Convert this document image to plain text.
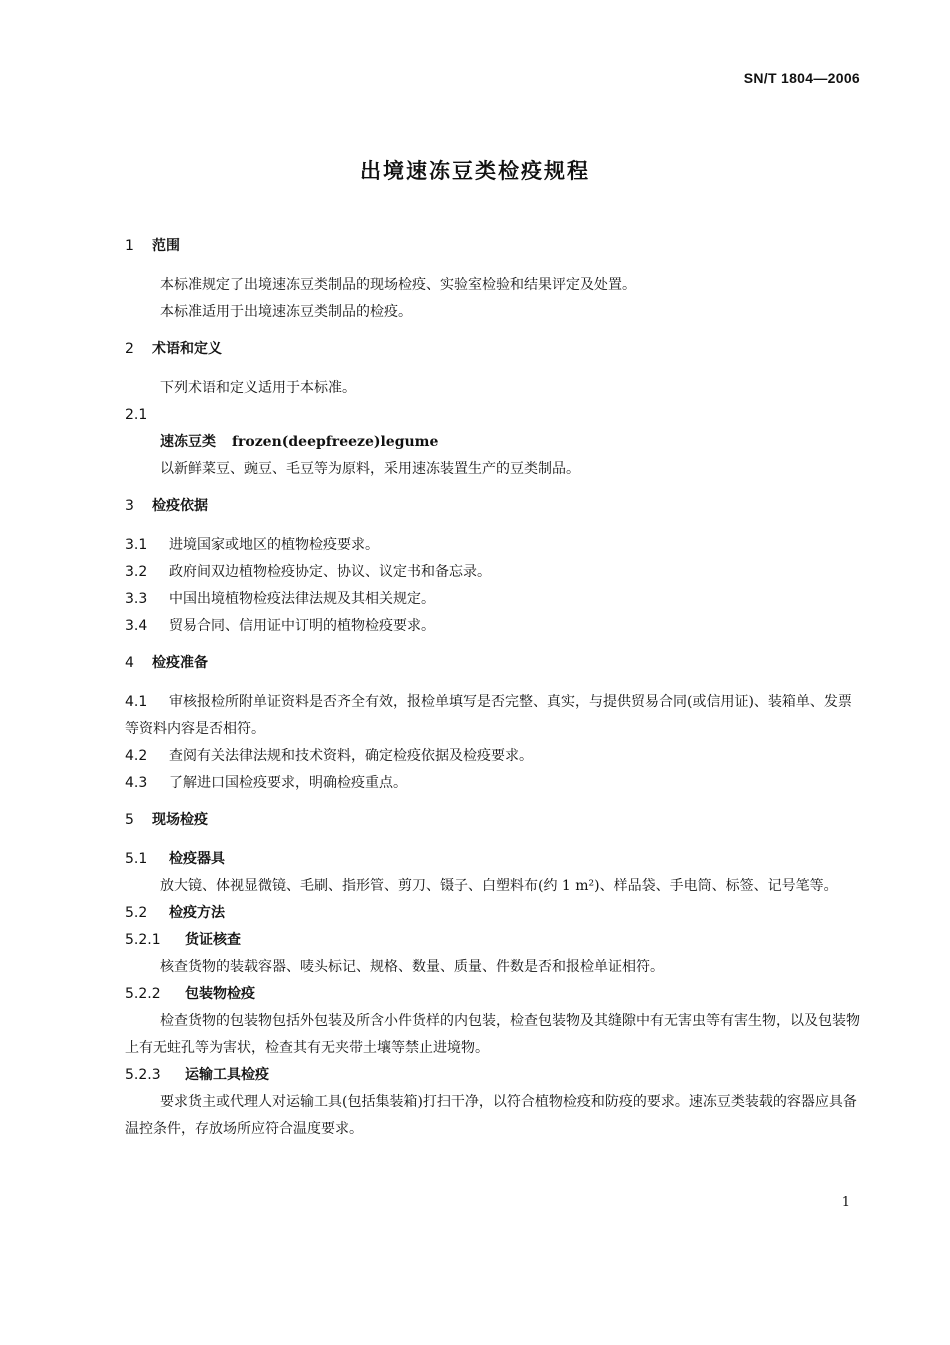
SN/T 1804—2006
出境速冻豆类检疫规程
1 范围
本标准规定了出境速冻豆类制品的现场检疫、实验室检验和结果评定及处置。
本标准适用于出境速冻豆类制品的检疫。
2 术语和定义
下列术语和定义适用于本标准。
2.1
速冻豆类 frozen(deepfreeze)legume
以新鲜菜豆、豌豆、毛豆等为原料，采用速冻装置生产的豆类制品。
3 检疫依据
3.1 进境国家或地区的植物检疫要求。
3.2 政府间双边植物检疫协定、协议、议定书和备忘录。
3.3 中国出境植物检疫法律法规及其相关规定。
3.4 贸易合同、信用证中订明的植物检疫要求。
4 检疫准备
4.1 审核报检所附单证资料是否齐全有效，报检单填写是否完整、真实，与提供贸易合同(或信用证)、装箱单、发票等资料内容是否相符。
4.2 查阅有关法律法规和技术资料，确定检疫依据及检疫要求。
4.3 了解进口国检疫要求，明确检疫重点。
5 现场检疫
5.1 检疫器具
放大镜、体视显微镜、毛刷、指形管、剪刀、镊子、白塑料布(约 1 m²)、样品袋、手电筒、标签、记号笔等。
5.2 检疫方法
5.2.1 货证核查
核查货物的装载容器、唛头标记、规格、数量、质量、件数是否和报检单证相符。
5.2.2 包装物检疫
检查货物的包装物包括外包装及所含小件货样的内包装，检查包装物及其缝隙中有无害虫等有害生物，以及包装物上有无蛀孔等为害状，检查其有无夹带土壤等禁止进境物。
5.2.3 运输工具检疫
要求货主或代理人对运输工具(包括集装箱)打扫干净，以符合植物检疫和防疫的要求。速冻豆类装载的容器应具备温控条件，存放场所应符合温度要求。
1
